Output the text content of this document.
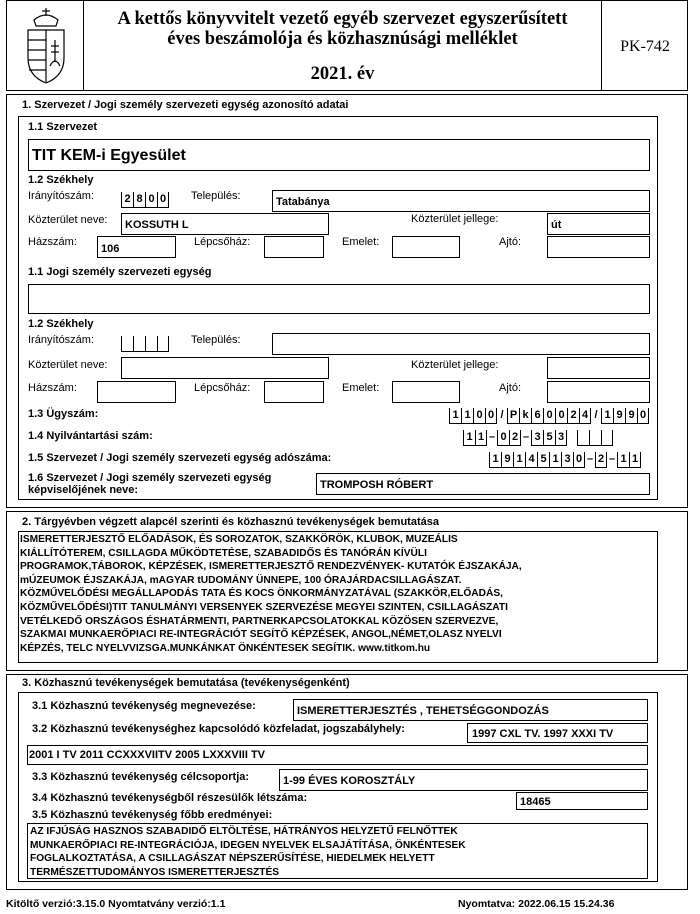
A kettős könyvvitelt vezető egyéb szervezet egyszerűsített
éves beszámolója és közhasznúsági melléklet
2021. év
PK-742
1. Szervezet / Jogi személy szervezeti egység azonosító adatai
1.1 Szervezet
TIT KEM-i Egyesület
1.2 Székhely
Irányítószám:	2 8 0 0 Település:	Tatabánya
Közterület neve: KOSSUTH L	Közterület jellege:	út
Házszám:
106
Lépcsőház:	Emelet:	Ajtó:
1.1 Jogi személy szervezeti egység
1.2 Székhely
Irányítószám:	Település:
Közterület neve:	Közterület jellege:
Házszám:	Lépcsőház:	Emelet:	Ajtó:
1.3 Ügyszám:	1 1 0 0 / P k 6 0 0 2 4 / 1 9 9 0
1.4 Nyilvántartási szám:	1 1 – 0 2 – 3 5 3
1.5 Szervezet / Jogi személy szervezeti egység adószáma:	1 9 1 4 5 1 3 0 – 2 – 1 1
1.6 Szervezet / Jogi személy szervezeti egység
képviselőjének neve:	TROMPOSH RÓBERT
2. Tárgyévben végzett alapcél szerinti és közhasznú tevékenységek bemutatása
ISMERETTERJESZTŐ ELŐADÁSOK, ÉS SOROZATOK, SZAKKÖRÖK, KLUBOK, MUZEÁLIS
KIÁLLÍTÓTEREM, CSILLAGDA MŰKÖDTETÉSE, SZABADIDŐS ÉS TANÓRÁN KÍVÜLI
PROGRAMOK,TÁBOROK, KÉPZÉSEK, ISMERETTERJESZTŐ RENDEZVÉNYEK- KUTATÓK ÉJSZAKÁJA,
mÚZEUMOK ÉJSZAKÁJA, mAGYAR tUDOMÁNY ÜNNEPE, 100 ÓRAJÁRDACSILLAGÁSZAT.
KÖZMŰVELŐDÉSI MEGÁLLAPODÁS TATA ÉS KOCS ÖNKORMÁNYZATÁVAL (SZAKKÖR,ELŐADÁS,
KÖZMŰVELŐDÉSI)TIT TANULMÁNYI VERSENYEK SZERVEZÉSE MEGYEI SZINTEN, CSILLAGÁSZATI
VETÉLKEDŐ ORSZÁGOS ÉSHATÁRMENTI, PARTNERKAPCSOLATOKKAL KÖZÖSEN SZERVEZVE,
SZAKMAI MUNKAERŐPIACI RE-INTEGRÁCIÓT SEGÍTŐ KÉPZÉSEK, ANGOL,NÉMET,OLASZ NYELVI
KÉPZÉS, TELC NYELVVIZSGA.MUNKÁNKAT ÖNKÉNTESEK SEGÍTIK. www.titkom.hu
3. Közhasznú tevékenységek bemutatása (tevékenységenként)
3.1 Közhasznú tevékenység megnevezése:	ISMERETTERJESZTÉS , TEHETSÉGGONDOZÁS
3.2 Közhasznú tevékenységhez kapcsolódó közfeladat, jogszabályhely:	1997 CXL TV. 1997 XXXI TV
2001 I TV 2011 CCXXXVIITV 2005 LXXXVIII TV
3.3 Közhasznú tevékenység célcsoportja:	1-99 ÉVES KOROSZTÁLY
3.4 Közhasznú tevékenységből részesülők létszáma:	18465
3.5 Közhasznú tevékenység főbb eredményei:
AZ IFJÚSÁG HASZNOS SZABADIDŐ ELTÖLTÉSE, HÁTRÁNYOS HELYZETŰ FELNŐTTEK
MUNKAERŐPIACI RE-INTEGRÁCIÓJA, IDEGEN NYELVEK ELSAJÁTÍTÁSA, ÖNKÉNTESEK
FOGLALKOZTATÁSA, A CSILLAGÁSZAT NÉPSZERŰSÍTÉSE, HIEDELMEK HELYETT
TERMÉSZETTUDOMÁNYOS ISMERETTERJESZTÉS
Kitöltő verzió:3.15.0 Nyomtatvány verzió:1.1	Nyomtatva: 2022.06.15 15.24.36
